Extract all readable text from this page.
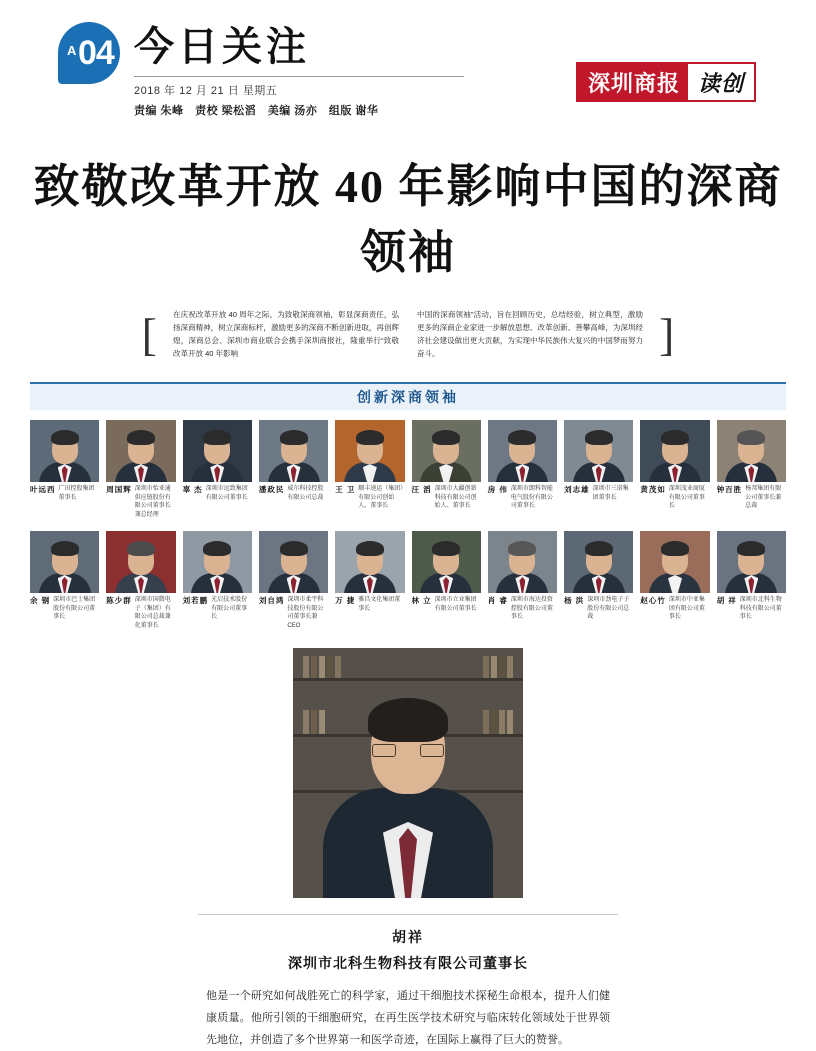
A 04 今日关注
2018 年 12 月 21 日 星期五
责编 朱峰 责校 梁松滔 美编 汤亦 组版 谢华
深圳商报 读创
致敬改革开放 40 年影响中国的深商领袖
[ 在庆祝改革开放 40 周年之际，为致敬深商领袖，彰显深商责任，弘扬深商精神，树立深商标杆，激励更多的深商不断创新进取，再创辉煌，深商总会、深圳市商业联合会携手深圳商报社，隆重举行“致敬改革开放 40 年影响
中国的深商领袖”活动，旨在回顾历史，总结经验，树立典型，激励更多的深商企业家进一步解放思想、改革创新、善攀高峰，为深圳经济社会建设做出更大贡献，为实现中华民族伟大复兴的中国梦而努力奋斗。	]
创新深商领袖
叶远西 广田控股集团董事长
周国辉 深圳市怡亚通供应链股份有限公司董事长兼总经理
辜 杰 深圳市远致集团有限公司董事长
潘政民 威尔科技控股有限公司总裁
王 卫 顺丰速运（集团）有限公司创始人、董事长
汪 滔 深圳市大疆创新科技有限公司创始人、董事长
房 伟 深圳市朗科智能电气股份有限公司董事长
刘志雄 深圳市三诺集团董事长
黄茂如 深圳茂业商厦有限公司董事长
钟百胜 杨邦集团有限公司董事长兼总裁
余 钢 深圳市巴士集团股份有限公司董事长
陈少群 深圳市国微电子（集团）有限公司总裁兼化董事长
刘若鹏 光启技术股份有限公司董事长
刘自鸿 深圳市柔宇科技股份有限公司董事长兼 CEO
万 捷 雅昌文化集团董事长
林 立 深圳市立业集团有限公司董事长
肖 睿 深圳市海达投资控股有限公司董事长
杨 洪 深圳市劲电子子股份有限公司总裁
赵心竹 深圳市中亚集团有限公司董事长
胡 祥 深圳市北科生物科技有限公司董事长
胡祥
深圳市北科生物科技有限公司董事长
他是一个研究如何战胜死亡的科学家，通过干细胞技术探秘生命根本，提升人们健康质量。他所引领的干细胞研究，在再生医学技术研究与临床转化领域处于世界领先地位，并创造了多个世界第一和医学奇迹，在国际上赢得了巨大的赞誉。
